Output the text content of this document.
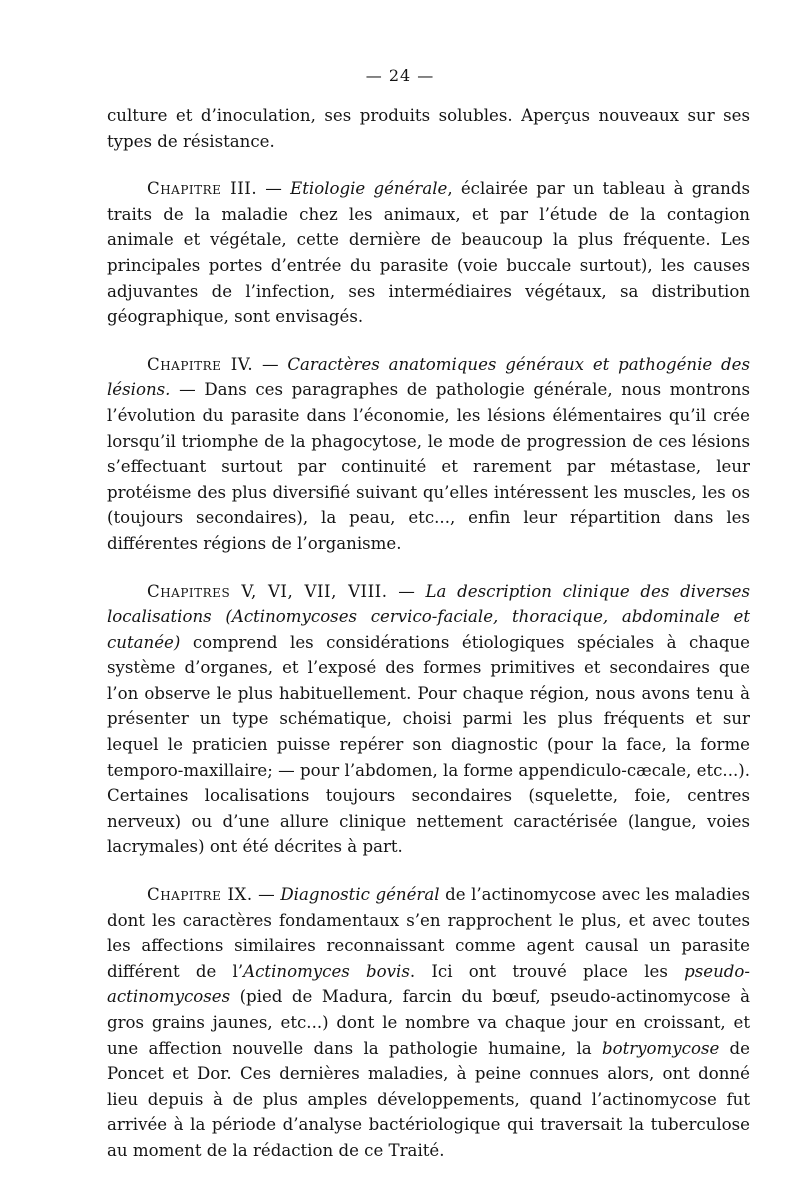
— 24 —

culture et d’inoculation, ses produits solubles. Aperçus nouveaux sur ses types de résistance.

Chapitre III. — Etiologie générale, éclairée par un tableau à grands traits de la maladie chez les animaux, et par l’étude de la contagion animale et végétale, cette dernière de beaucoup la plus fréquente. Les principales portes d’entrée du parasite (voie buccale surtout), les causes adjuvantes de l’infection, ses intermédiaires végétaux, sa distribution géographique, sont envisagés.

Chapitre IV. — Caractères anatomiques généraux et pathogénie des lésions. — Dans ces paragraphes de pathologie générale, nous montrons l’évolution du parasite dans l’économie, les lésions élémentaires qu’il crée lorsqu’il triomphe de la phagocytose, le mode de progression de ces lésions s’effectuant surtout par continuité et rarement par métastase, leur protéisme des plus diversifié suivant qu’elles intéressent les muscles, les os (toujours secondaires), la peau, etc..., enfin leur répartition dans les différentes régions de l’organisme.

Chapitres V, VI, VII, VIII. — La description clinique des diverses localisations (Actinomycoses cervico-faciale, thoracique, abdominale et cutanée) comprend les considérations étiologiques spéciales à chaque système d’organes, et l’exposé des formes primitives et secondaires que l’on observe le plus habituellement. Pour chaque région, nous avons tenu à présenter un type schématique, choisi parmi les plus fréquents et sur lequel le praticien puisse repérer son diagnostic (pour la face, la forme temporo-maxillaire; — pour l’abdomen, la forme appendiculo-cæcale, etc...). Certaines localisations toujours secondaires (squelette, foie, centres nerveux) ou d’une allure clinique nettement caractérisée (langue, voies lacrymales) ont été décrites à part.

Chapitre IX. — Diagnostic général de l’actinomycose avec les maladies dont les caractères fondamentaux s’en rapprochent le plus, et avec toutes les affections similaires reconnaissant comme agent causal un parasite différent de l’Actinomyces bovis. Ici ont trouvé place les pseudo-actinomycoses (pied de Madura, farcin du bœuf, pseudo-actinomycose à gros grains jaunes, etc...) dont le nombre va chaque jour en croissant, et une affection nouvelle dans la pathologie humaine, la botryomycose de Poncet et Dor. Ces dernières maladies, à peine connues alors, ont donné lieu depuis à de plus amples développements, quand l’actinomycose fut arrivée à la période d’analyse bactériologique qui traversait la tuberculose au moment de la rédaction de ce Traité.
